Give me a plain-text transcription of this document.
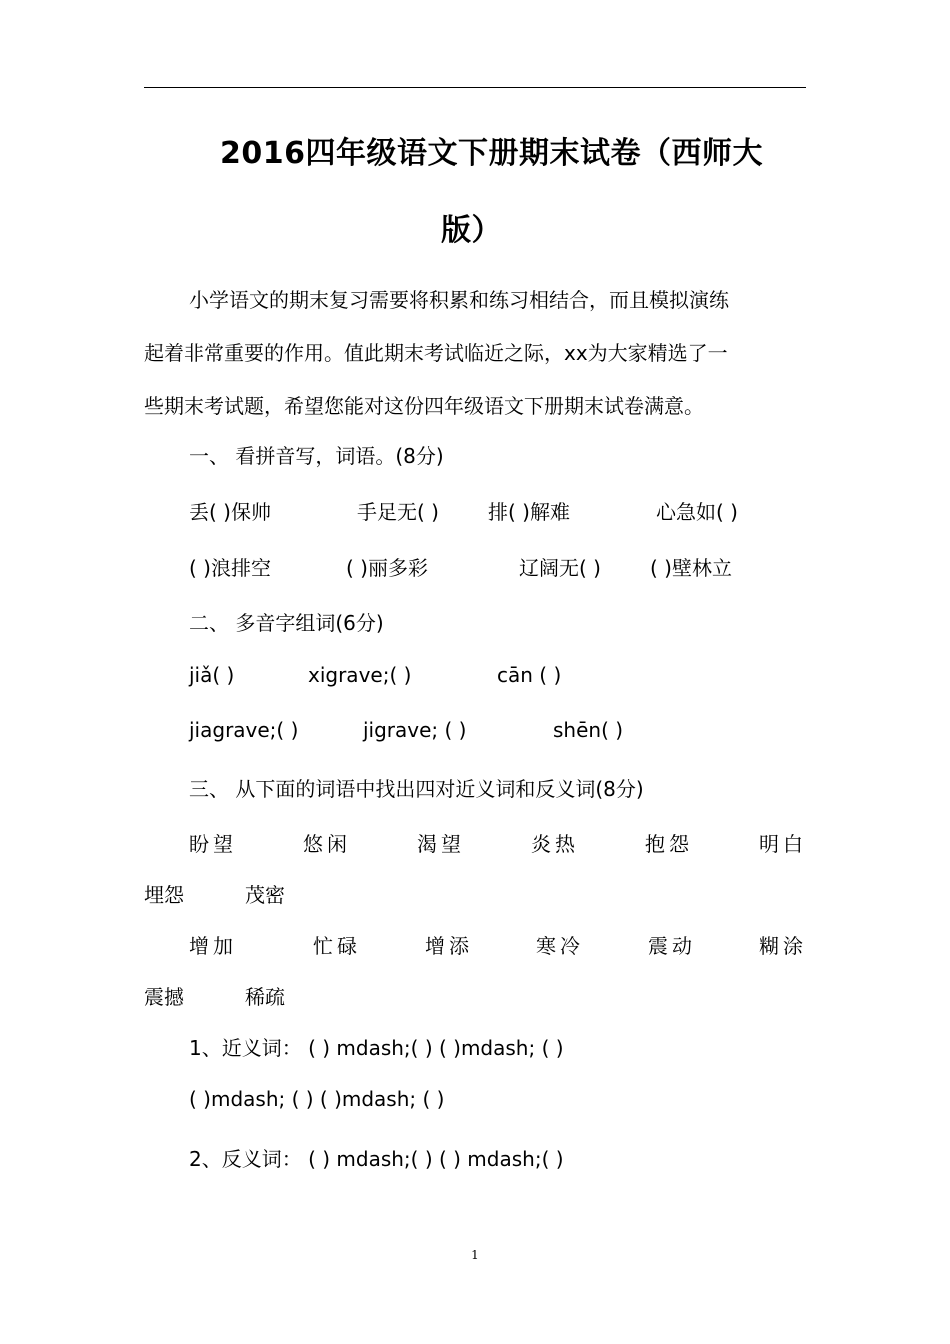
2016四年级语文下册期末试卷（西师大
版）
小学语文的期末复习需要将积累和练习相结合，而且模拟演练
起着非常重要的作用。值此期末考试临近之际，xx为大家精选了一
些期末考试题，希望您能对这份四年级语文下册期末试卷满意。
一、 看拼音写，词语。(8分)
丢( )保帅	手足无( ) 排( )解难	心急如( )
( )浪排空	( )丽多彩	辽阔无( ) ( )壁林立
二、 多音字组词(6分)
jiǎ( )	xigrave;( )	cān ( )
jiagrave;( )	jigrave; ( )	shēn( )
三、 从下面的词语中找出四对近义词和反义词(8分)
盼望	悠闲	渴望	炎热	抱怨	明白
埋怨	茂密
增加	忙碌	增添	寒冷	震动	糊涂
震撼	稀疏
1、近义词： ( ) mdash;( ) ( )mdash; ( )
( )mdash; ( ) ( )mdash; ( )
2、反义词： ( ) mdash;( ) ( ) mdash;( )
1
